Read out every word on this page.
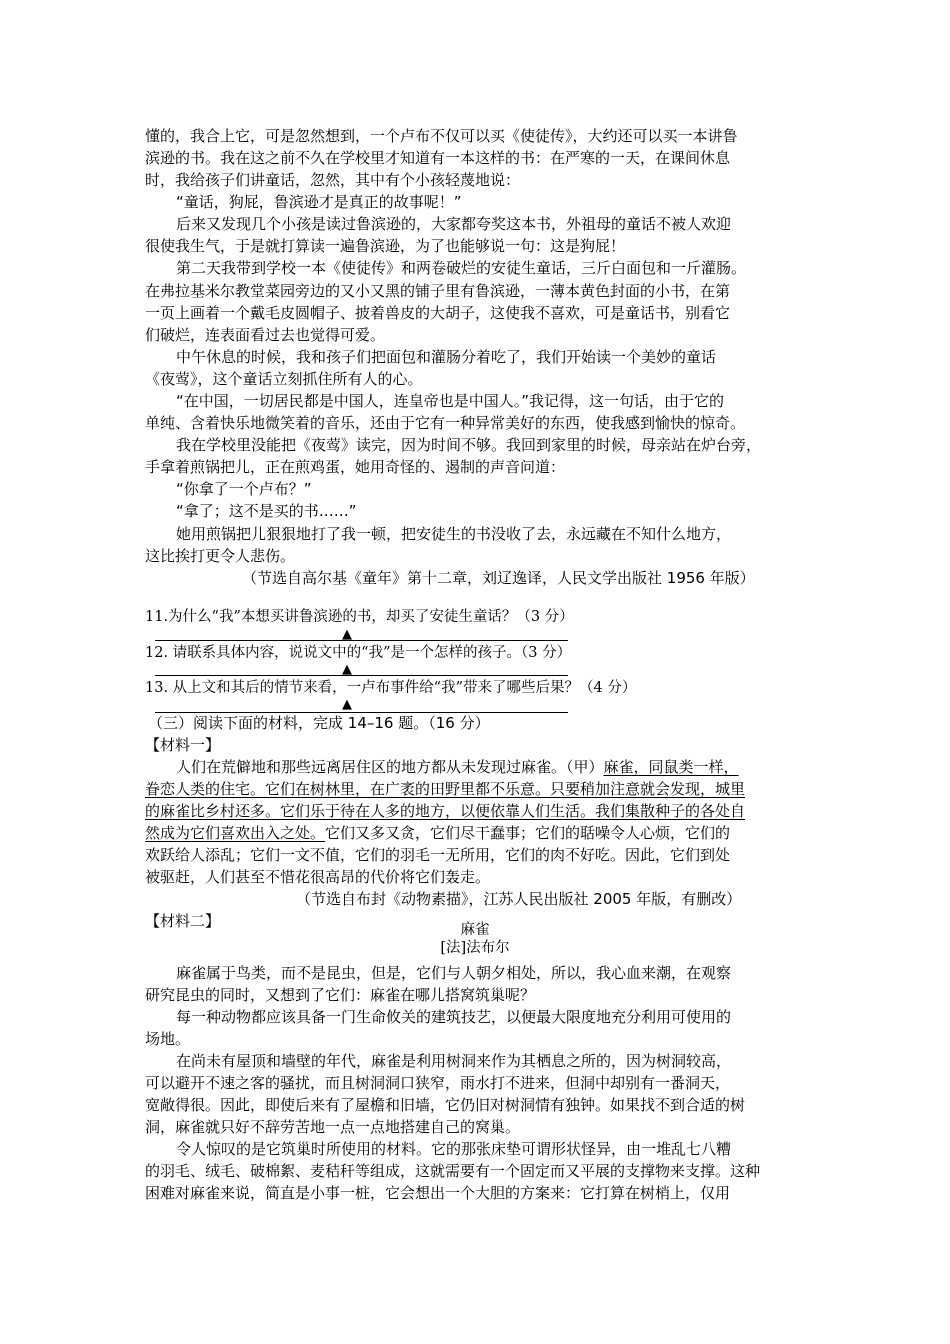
懂的，我合上它，可是忽然想到，一个卢布不仅可以买《使徒传》，大约还可以买一本讲鲁
滨逊的书。我在这之前不久在学校里才知道有一本这样的书：在严寒的一天，在课间休息
时，我给孩子们讲童话，忽然，其中有个小孩轻蔑地说：
“童话，狗屁，鲁滨逊才是真正的故事呢！”
后来又发现几个小孩是读过鲁滨逊的，大家都夸奖这本书，外祖母的童话不被人欢迎
很使我生气，于是就打算读一遍鲁滨逊，为了也能够说一句：这是狗屁！
第二天我带到学校一本《使徒传》和两卷破烂的安徒生童话，三斤白面包和一斤灌肠。
在弗拉基米尔教堂菜园旁边的又小又黑的铺子里有鲁滨逊，一薄本黄色封面的小书，在第
一页上画着一个戴毛皮圆帽子、披着兽皮的大胡子，这使我不喜欢，可是童话书，别看它
们破烂，连表面看过去也觉得可爱。
中午休息的时候，我和孩子们把面包和灌肠分着吃了，我们开始读一个美妙的童话
《夜莺》，这个童话立刻抓住所有人的心。
“在中国，一切居民都是中国人，连皇帝也是中国人。”我记得，这一句话，由于它的
单纯、含着快乐地微笑着的音乐，还由于它有一种异常美好的东西，使我感到愉快的惊奇。
我在学校里没能把《夜莺》读完，因为时间不够。我回到家里的时候，母亲站在炉台旁，
手拿着煎锅把儿，正在煎鸡蛋，她用奇怪的、遏制的声音问道：
“你拿了一个卢布？”
“拿了；这不是买的书……”
她用煎锅把儿狠狠地打了我一顿，把安徒生的书没收了去，永远藏在不知什么地方，
这比挨打更令人悲伤。
（节选自高尔基《童年》第十二章，刘辽逸译，人民文学出版社 1956 年版）
11.为什么“我”本想买讲鲁滨逊的书，却买了安徒生童话？（3 分）
▲
12. 请联系具体内容，说说文中的“我”是一个怎样的孩子。（3 分）
▲
13. 从上文和其后的情节来看，一卢布事件给“我”带来了哪些后果？（4 分）
▲
（三）阅读下面的材料，完成 14–16 题。（16 分）
【材料一】
人们在荒僻地和那些远离居住区的地方都从未发现过麻雀。（甲）麻雀，同鼠类一样，
眷恋人类的住宅。它们在树林里，在广袤的田野里都不乐意。只要稍加注意就会发现，城里
的麻雀比乡村还多。它们乐于待在人多的地方，以便依靠人们生活。我们集散种子的各处自
然成为它们喜欢出入之处。它们又多又贪，它们尽干蠢事；它们的聒噪令人心烦，它们的
欢跃给人添乱；它们一文不值，它们的羽毛一无所用，它们的肉不好吃。因此，它们到处
被驱赶，人们甚至不惜花很高昂的代价将它们轰走。
（节选自布封《动物素描》，江苏人民出版社 2005 年版，有删改）
【材料二】	麻雀
[法]法布尔
麻雀属于鸟类，而不是昆虫，但是，它们与人朝夕相处，所以，我心血来潮，在观察
研究昆虫的同时，又想到了它们：麻雀在哪儿搭窝筑巢呢？
每一种动物都应该具备一门生命攸关的建筑技艺，以便最大限度地充分利用可使用的
场地。
在尚未有屋顶和墙壁的年代，麻雀是利用树洞来作为其栖息之所的，因为树洞较高，
可以避开不速之客的骚扰，而且树洞洞口狭窄，雨水打不进来，但洞中却别有一番洞天，
宽敞得很。因此，即使后来有了屋檐和旧墙，它仍旧对树洞情有独钟。如果找不到合适的树
洞，麻雀就只好不辞劳苦地一点一点地搭建自己的窝巢。
令人惊叹的是它筑巢时所使用的材料。它的那张床垫可谓形状怪异，由一堆乱七八糟
的羽毛、绒毛、破棉絮、麦秸秆等组成，这就需要有一个固定而又平展的支撑物来支撑。这种
困难对麻雀来说，简直是小事一桩，它会想出一个大胆的方案来：它打算在树梢上，仅用
